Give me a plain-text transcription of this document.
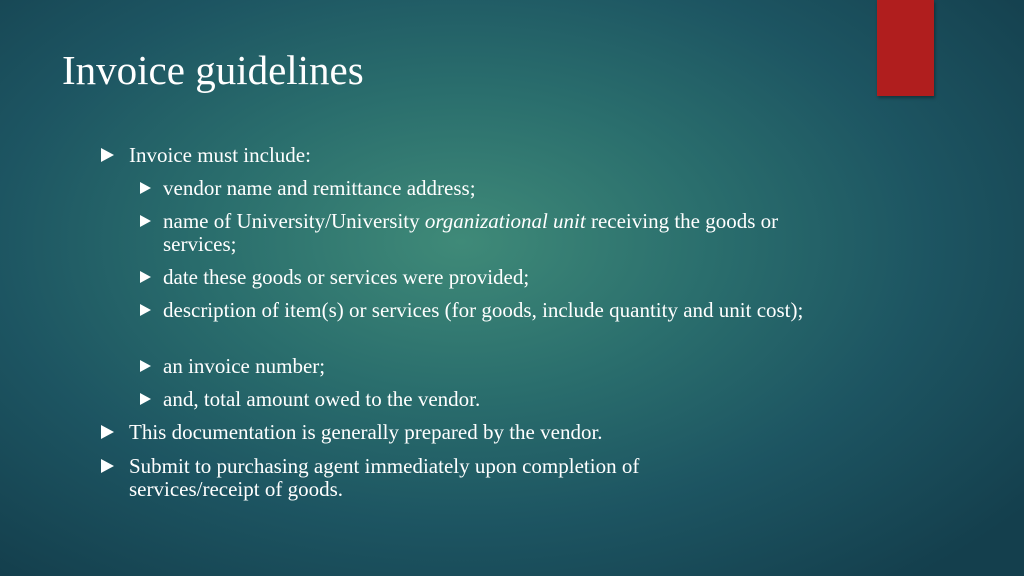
Invoice guidelines
Invoice must include:
vendor name and remittance address;
name of University/University organizational unit receiving the goods or services;
date these goods or services were provided;
description of item(s) or services (for goods, include quantity and unit cost);
an invoice number;
and, total amount owed to the vendor.
This documentation is generally prepared by the vendor.
Submit to purchasing agent immediately upon completion of services/receipt of goods.
